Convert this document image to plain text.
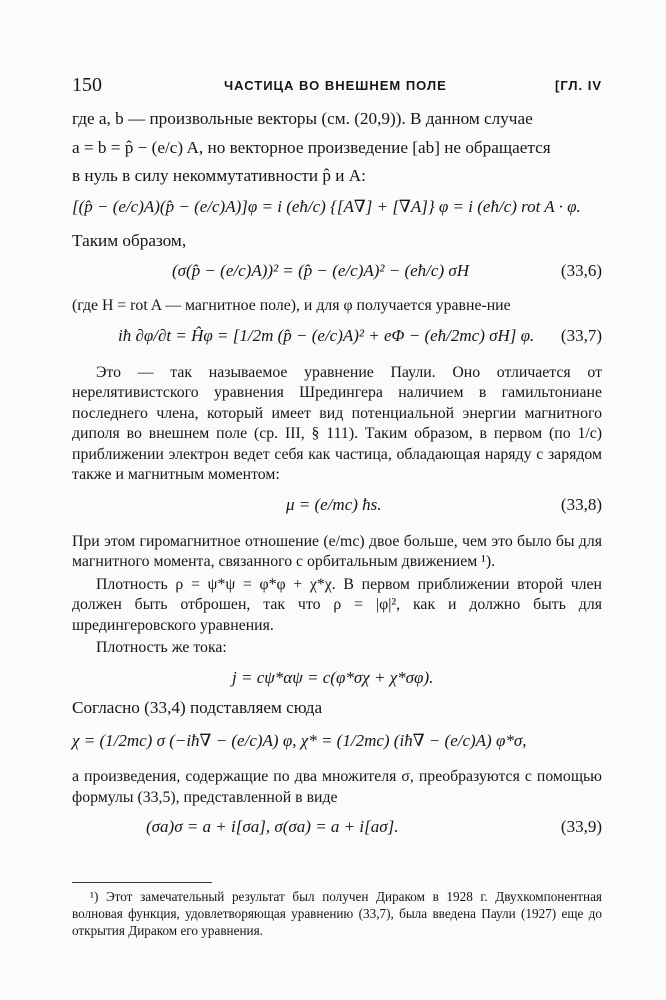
150	ЧАСТИЦА ВО ВНЕШНЕМ ПОЛЕ	[ГЛ. IV

где a, b — произвольные векторы (см. (20,9)). В данном случае

a = b = p̂ − (e/c) A, но векторное произведение [ab] не обращается

в нуль в силу некоммутативности p̂ и A:

[(p̂ − (e/c)A)(p̂ − (e/c)A)]φ = i (eħ/c) {[A∇] + [∇A]} φ = i (eħ/c) rot A · φ.

Таким образом,

(σ(p̂ − (e/c)A))² = (p̂ − (e/c)A)² − (eħ/c) σH	(33,6)

(где H = rot A — магнитное поле), и для φ получается уравне-ние

iħ ∂φ/∂t = Ĥφ = [1/2m (p̂ − (e/c)A)² + eΦ − (eħ/2mc) σH] φ. (33,7)

Это — так называемое уравнение Паули. Оно отличается от нерелятивистского уравнения Шредингера наличием в гамильтониане последнего члена, который имеет вид потенциальной энергии магнитного диполя во внешнем поле (ср. III, § 111). Таким образом, в первом (по 1/c) приближении электрон ведет себя как частица, обладающая наряду с зарядом также и магнитным моментом:

μ = (e/mc) ħs.	(33,8)

При этом гиромагнитное отношение (e/mc) двое больше, чем это было бы для магнитного момента, связанного с орбитальным движением ¹).

Плотность ρ = ψ*ψ = φ*φ + χ*χ. В первом приближении второй член должен быть отброшен, так что ρ = |φ|², как и должно быть для шредингеровского уравнения.

Плотность же тока:

j = cψ*αψ = c(φ*σχ + χ*σφ).

Согласно (33,4) подставляем сюда

χ = (1/2mc) σ (−iħ∇ − (e/c)A) φ, χ* = (1/2mc) (iħ∇ − (e/c)A) φ*σ,

а произведения, содержащие по два множителя σ, преобразуются с помощью формулы (33,5), представленной в виде

(σa)σ = a + i[σa], σ(σa) = a + i[aσ].	(33,9)
¹) Этот замечательный результат был получен Дираком в 1928 г. Двухкомпонентная волновая функция, удовлетворяющая уравнению (33,7), была введена Паули (1927) еще до открытия Дираком его уравнения.
